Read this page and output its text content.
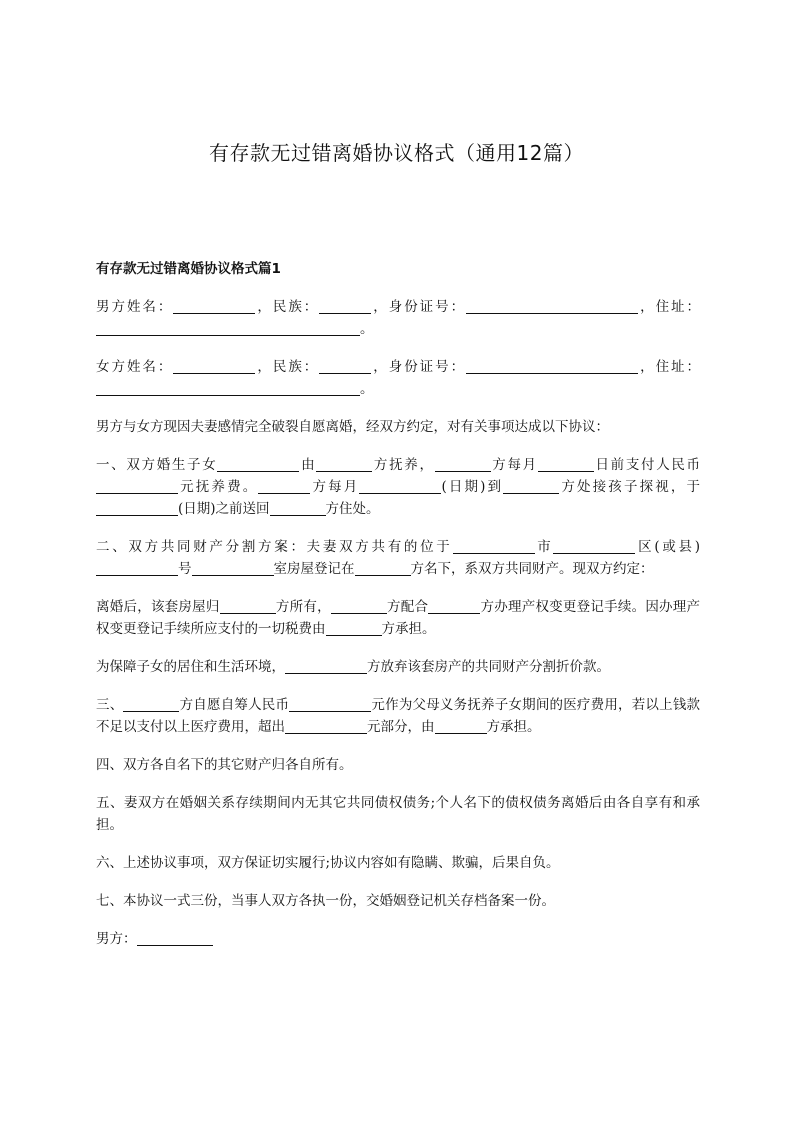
有存款无过错离婚协议格式（通用12篇）
有存款无过错离婚协议格式篇1
男方姓名：	，民族：	，身份证号：	，住址：。
女方姓名：	，民族：	，身份证号：	，住址：。
男方与女方现因夫妻感情完全破裂自愿离婚，经双方约定，对有关事项达成以下协议：
一、双方婚生子女	由	方抚养，	方每月	日前支付人民币元抚养费。	方每月	(日期)到	方处接孩子探视，于(日期)之前送回	方住处。
二、双方共同财产分割方案：夫妻双方共有的位于	市	区(或县)号	室房屋登记在	方名下，系双方共同财产。现双方约定：
离婚后，该套房屋归	方所有，	方配合	方办理产权变更登记手续。因办理产权变更登记手续所应支付的一切税费由	方承担。
为保障子女的居住和生活环境，	方放弃该套房产的共同财产分割折价款。
三、	方自愿自筹人民币	元作为父母义务抚养子女期间的医疗费用，若以上钱款不足以支付以上医疗费用，超出	元部分，由	方承担。
四、双方各自名下的其它财产归各自所有。
五、妻双方在婚姻关系存续期间内无其它共同债权债务;个人名下的债权债务离婚后由各自享有和承担。
六、上述协议事项，双方保证切实履行;协议内容如有隐瞒、欺骗，后果自负。
七、本协议一式三份，当事人双方各执一份，交婚姻登记机关存档备案一份。
男方：
